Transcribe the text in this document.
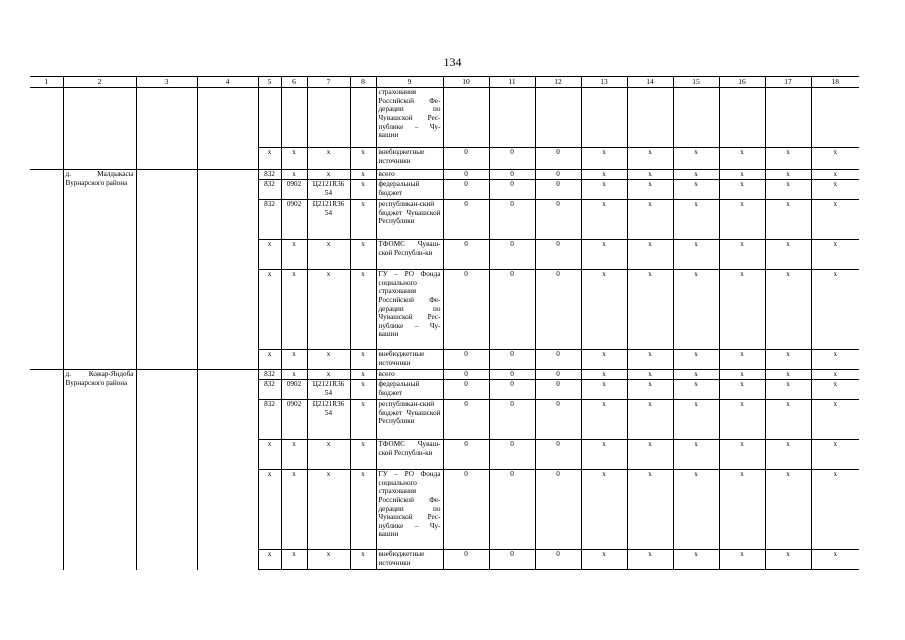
134
1	2	3	4	5	6	7	8	9	10	11	12	13	14	15	16	17	18
								страхования Российской Фе-дерации по Чувашской Рес-публике – Чу-вашии									
				х	х	х	х	внебюджетные источники	0	0	0	х	х	х	х	х	х
	д. Малдыкасы Вурнарского района			832	х	х	х	всего	0	0	0	х	х	х	х	х	х
				832	0902	Ц2121R36 54	х	федеральный бюджет	0	0	0	х	х	х	х	х	х
				832	0902	Ц2121R36 54	х	республикан-ский бюджет Чувашской Республики	0	0	0	х	х	х	х	х	х
				х	х	х	х	ТФОМС Чуваш-ской Республи-ки	0	0	0	х	х	х	х	х	х
				х	х	х	х	ГУ – РО Фонда социального страхования Российской Фе-дерации по Чувашской Рес-публике – Чу-вашии	0	0	0	х	х	х	х	х	х
				х	х	х	х	внебюджетные источники	0	0	0	х	х	х	х	х	х
	д. Кожар-Яндоба Вурнарского района			832	х	х	х	всего	0	0	0	х	х	х	х	х	х
				832	0902	Ц2121R36 54	х	федеральный бюджет	0	0	0	х	х	х	х	х	х
				832	0902	Ц2121R36 54	х	республикан-ский бюджет Чувашской Республики	0	0	0	х	х	х	х	х	х
				х	х	х	х	ТФОМС Чуваш-ской Республи-ки	0	0	0	х	х	х	х	х	х
				х	х	х	х	ГУ – РО Фонда социального страхования Российской Фе-дерации по Чувашской Рес-публике – Чу-вашии	0	0	0	х	х	х	х	х	х
				х	х	х	х	внебюджетные источники	0	0	0	х	х	х	х	х	х
